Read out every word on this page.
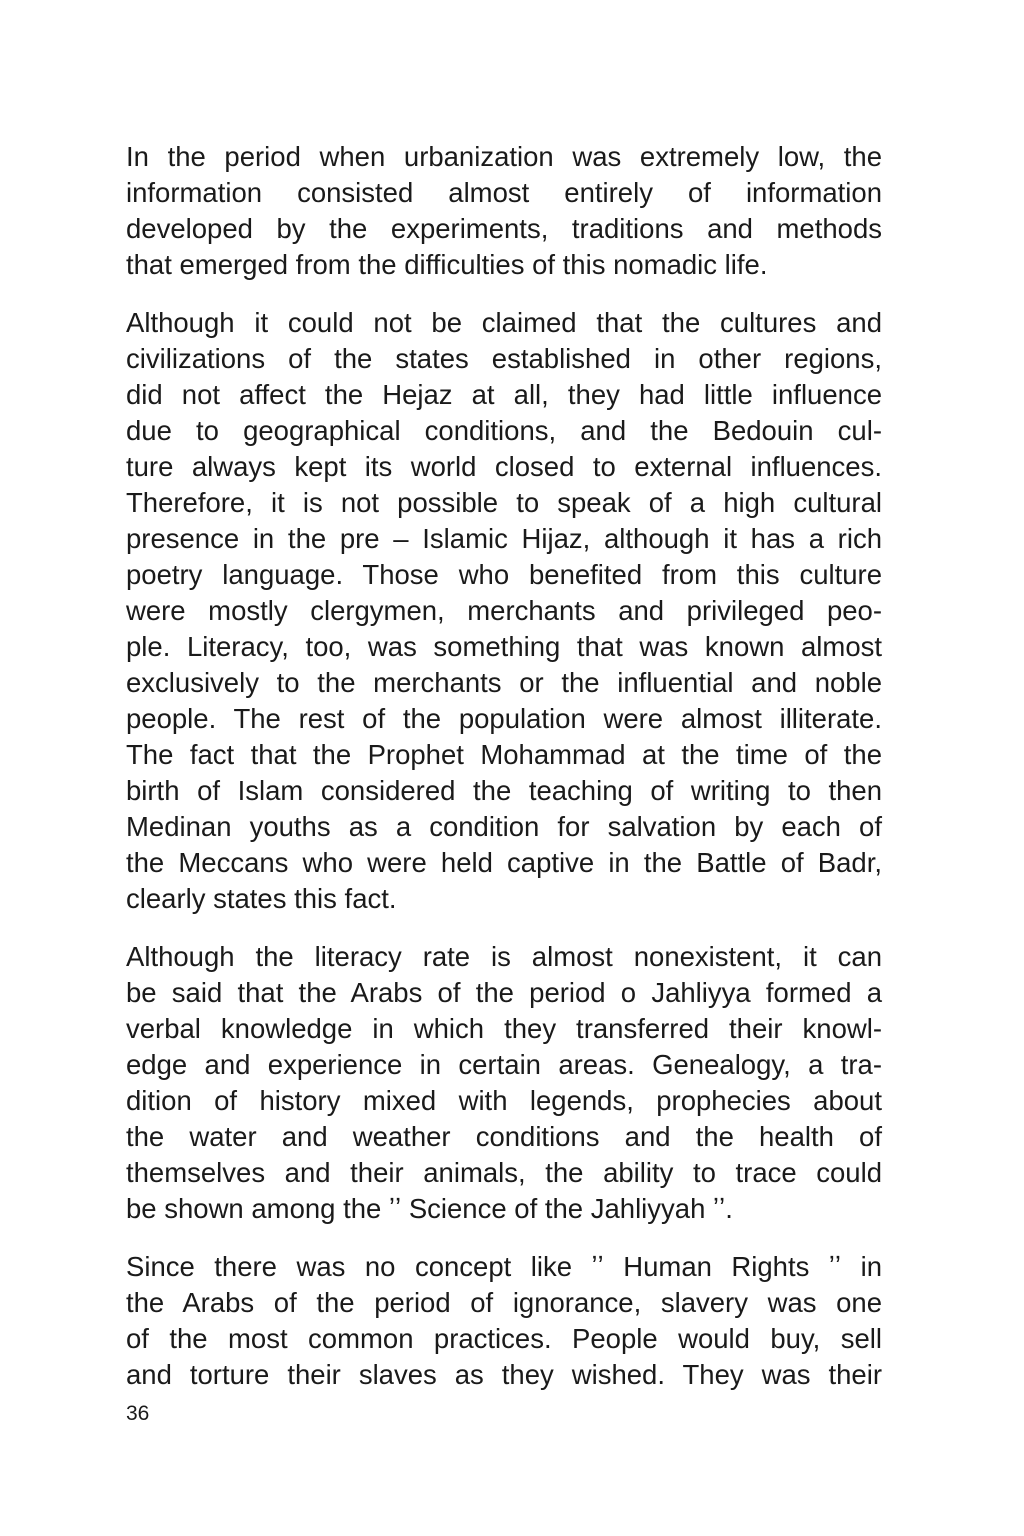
In the period when urbanization was extremely low, the
information consisted almost entirely of information
developed by the experiments, traditions and methods
that emerged from the difficulties of this nomadic life.

Although it could not be claimed that the cultures and
civilizations of the states established in other regions,
did not affect the Hejaz at all, they had little influence
due to geographical conditions, and the Bedouin cul-
ture always kept its world closed to external influences.
Therefore, it is not possible to speak of a high cultural
presence in the pre – Islamic Hijaz, although it has a rich
poetry language. Those who benefited from this culture
were mostly clergymen, merchants and privileged peo-
ple. Literacy, too, was something that was known almost
exclusively to the merchants or the influential and noble
people. The rest of the population were almost illiterate.
The fact that the Prophet Mohammad at the time of the
birth of Islam considered the teaching of writing to then
Medinan youths as a condition for salvation by each of
the Meccans who were held captive in the Battle of Badr,
clearly states this fact.

Although the literacy rate is almost nonexistent, it can
be said that the Arabs of the period o Jahliyya formed a
verbal knowledge in which they transferred their knowl-
edge and experience in certain areas. Genealogy, a tra-
dition of history mixed with legends, prophecies about
the water and weather conditions and the health of
themselves and their animals, the ability to trace could
be shown among the ʼʼ Science of the Jahliyyah ʼʼ.

Since there was no concept like ʼʼ Human Rights ʼʼ in
the Arabs of the period of ignorance, slavery was one
of the most common practices. People would buy, sell
and torture their slaves as they wished. They was their

36
